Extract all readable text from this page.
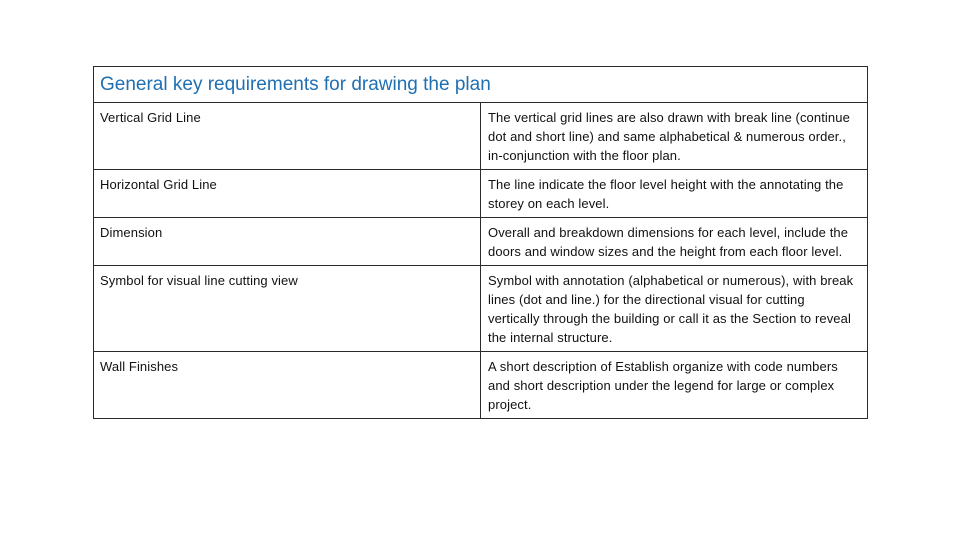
General key requirements for drawing the plan	
Vertical Grid Line	The vertical grid lines are also drawn with break line (continue dot and short line) and same alphabetical & numerous order., in-conjunction with the floor plan.
Horizontal Grid Line	The line indicate the floor level height with the annotating the storey on each level.
Dimension	Overall and breakdown dimensions for each level, include the doors and window sizes and the height from each floor level.
Symbol for visual line cutting view	Symbol with annotation (alphabetical or numerous), with break lines (dot and line.) for the directional visual for cutting vertically through the building or call it as the Section to reveal the internal structure.
Wall Finishes	A short description of Establish organize with code numbers and short description under the legend for large or complex project.
